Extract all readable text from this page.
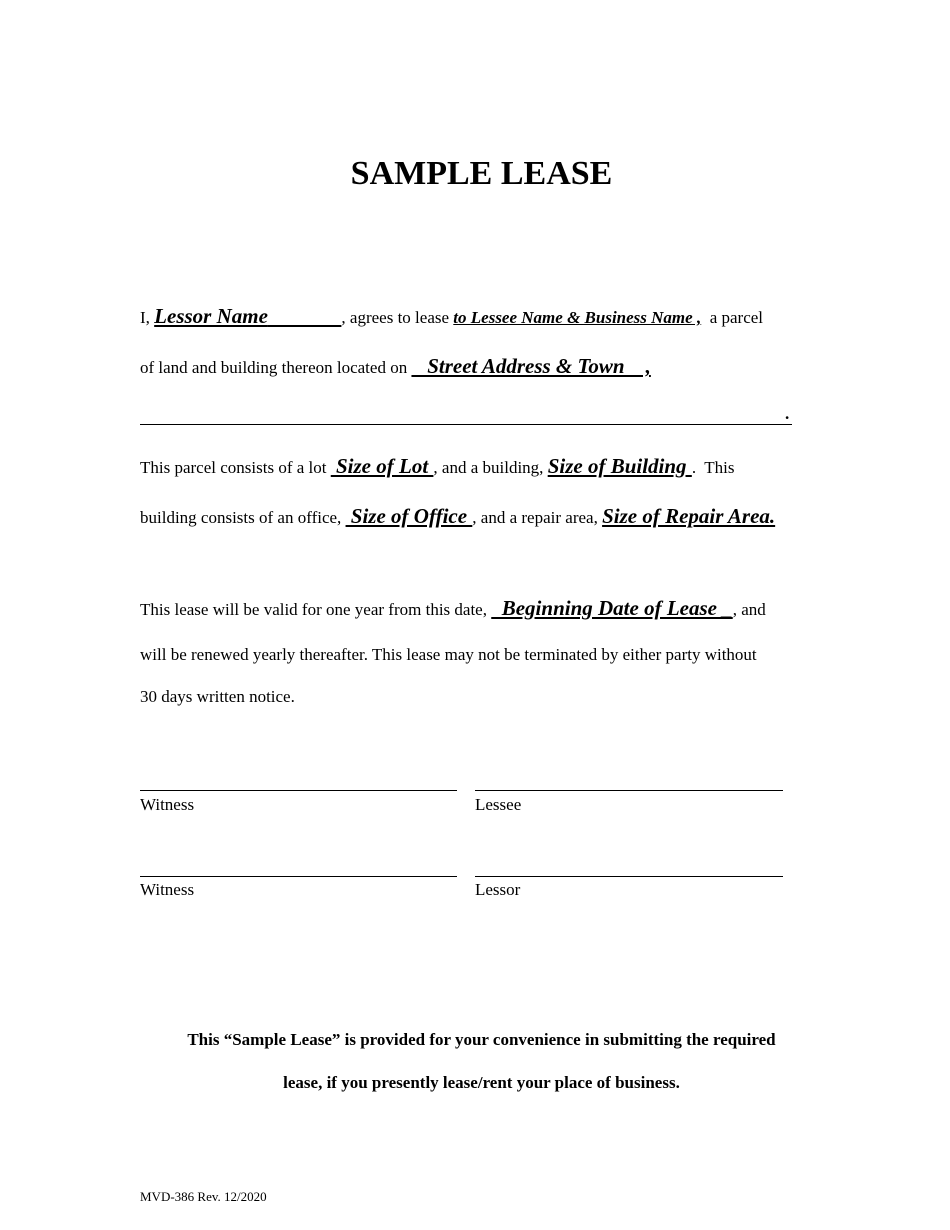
SAMPLE LEASE
I, Lessor Name	, agrees to lease to Lessee Name & Business Name ,  a parcel
of land and building thereon located on    Street Address & Town    ,
.
This parcel consists of a lot  Size of Lot , and a building, Size of Building .  This
building consists of an office,  Size of Office , and a repair area, Size of Repair Area.
This lease will be valid for one year from this date,   Beginning Date of Lease _, and
will be renewed yearly thereafter. This lease may not be terminated by either party without
30 days written notice.
Witness	Lessee
Witness	Lessor
This “Sample Lease” is provided for your convenience in submitting the required
lease, if you presently lease/rent your place of business.
MVD-386 Rev. 12/2020
